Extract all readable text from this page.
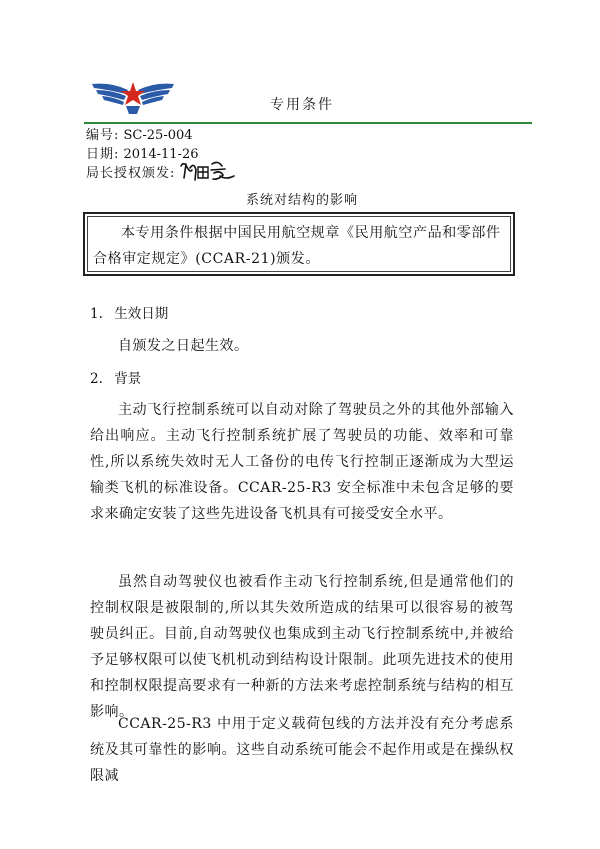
专用条件
编号: SC-25-004
日期: 2014-11-26
局长授权颁发:
系统对结构的影响
本专用条件根据中国民用航空规章《民用航空产品和零部件合格审定规定》(CCAR-21)颁发。
1. 生效日期
自颁发之日起生效。
2. 背景
主动飞行控制系统可以自动对除了驾驶员之外的其他外部输入给出响应。主动飞行控制系统扩展了驾驶员的功能、效率和可靠性,所以系统失效时无人工备份的电传飞行控制正逐渐成为大型运输类飞机的标准设备。CCAR-25-R3 安全标准中未包含足够的要求来确定安装了这些先进设备飞机具有可接受安全水平。
虽然自动驾驶仪也被看作主动飞行控制系统,但是通常他们的控制权限是被限制的,所以其失效所造成的结果可以很容易的被驾驶员纠正。目前,自动驾驶仪也集成到主动飞行控制系统中,并被给予足够权限可以使飞机机动到结构设计限制。此项先进技术的使用和控制权限提高要求有一种新的方法来考虑控制系统与结构的相互影响。
CCAR-25-R3 中用于定义载荷包线的方法并没有充分考虑系统及其可靠性的影响。这些自动系统可能会不起作用或是在操纵权限减
